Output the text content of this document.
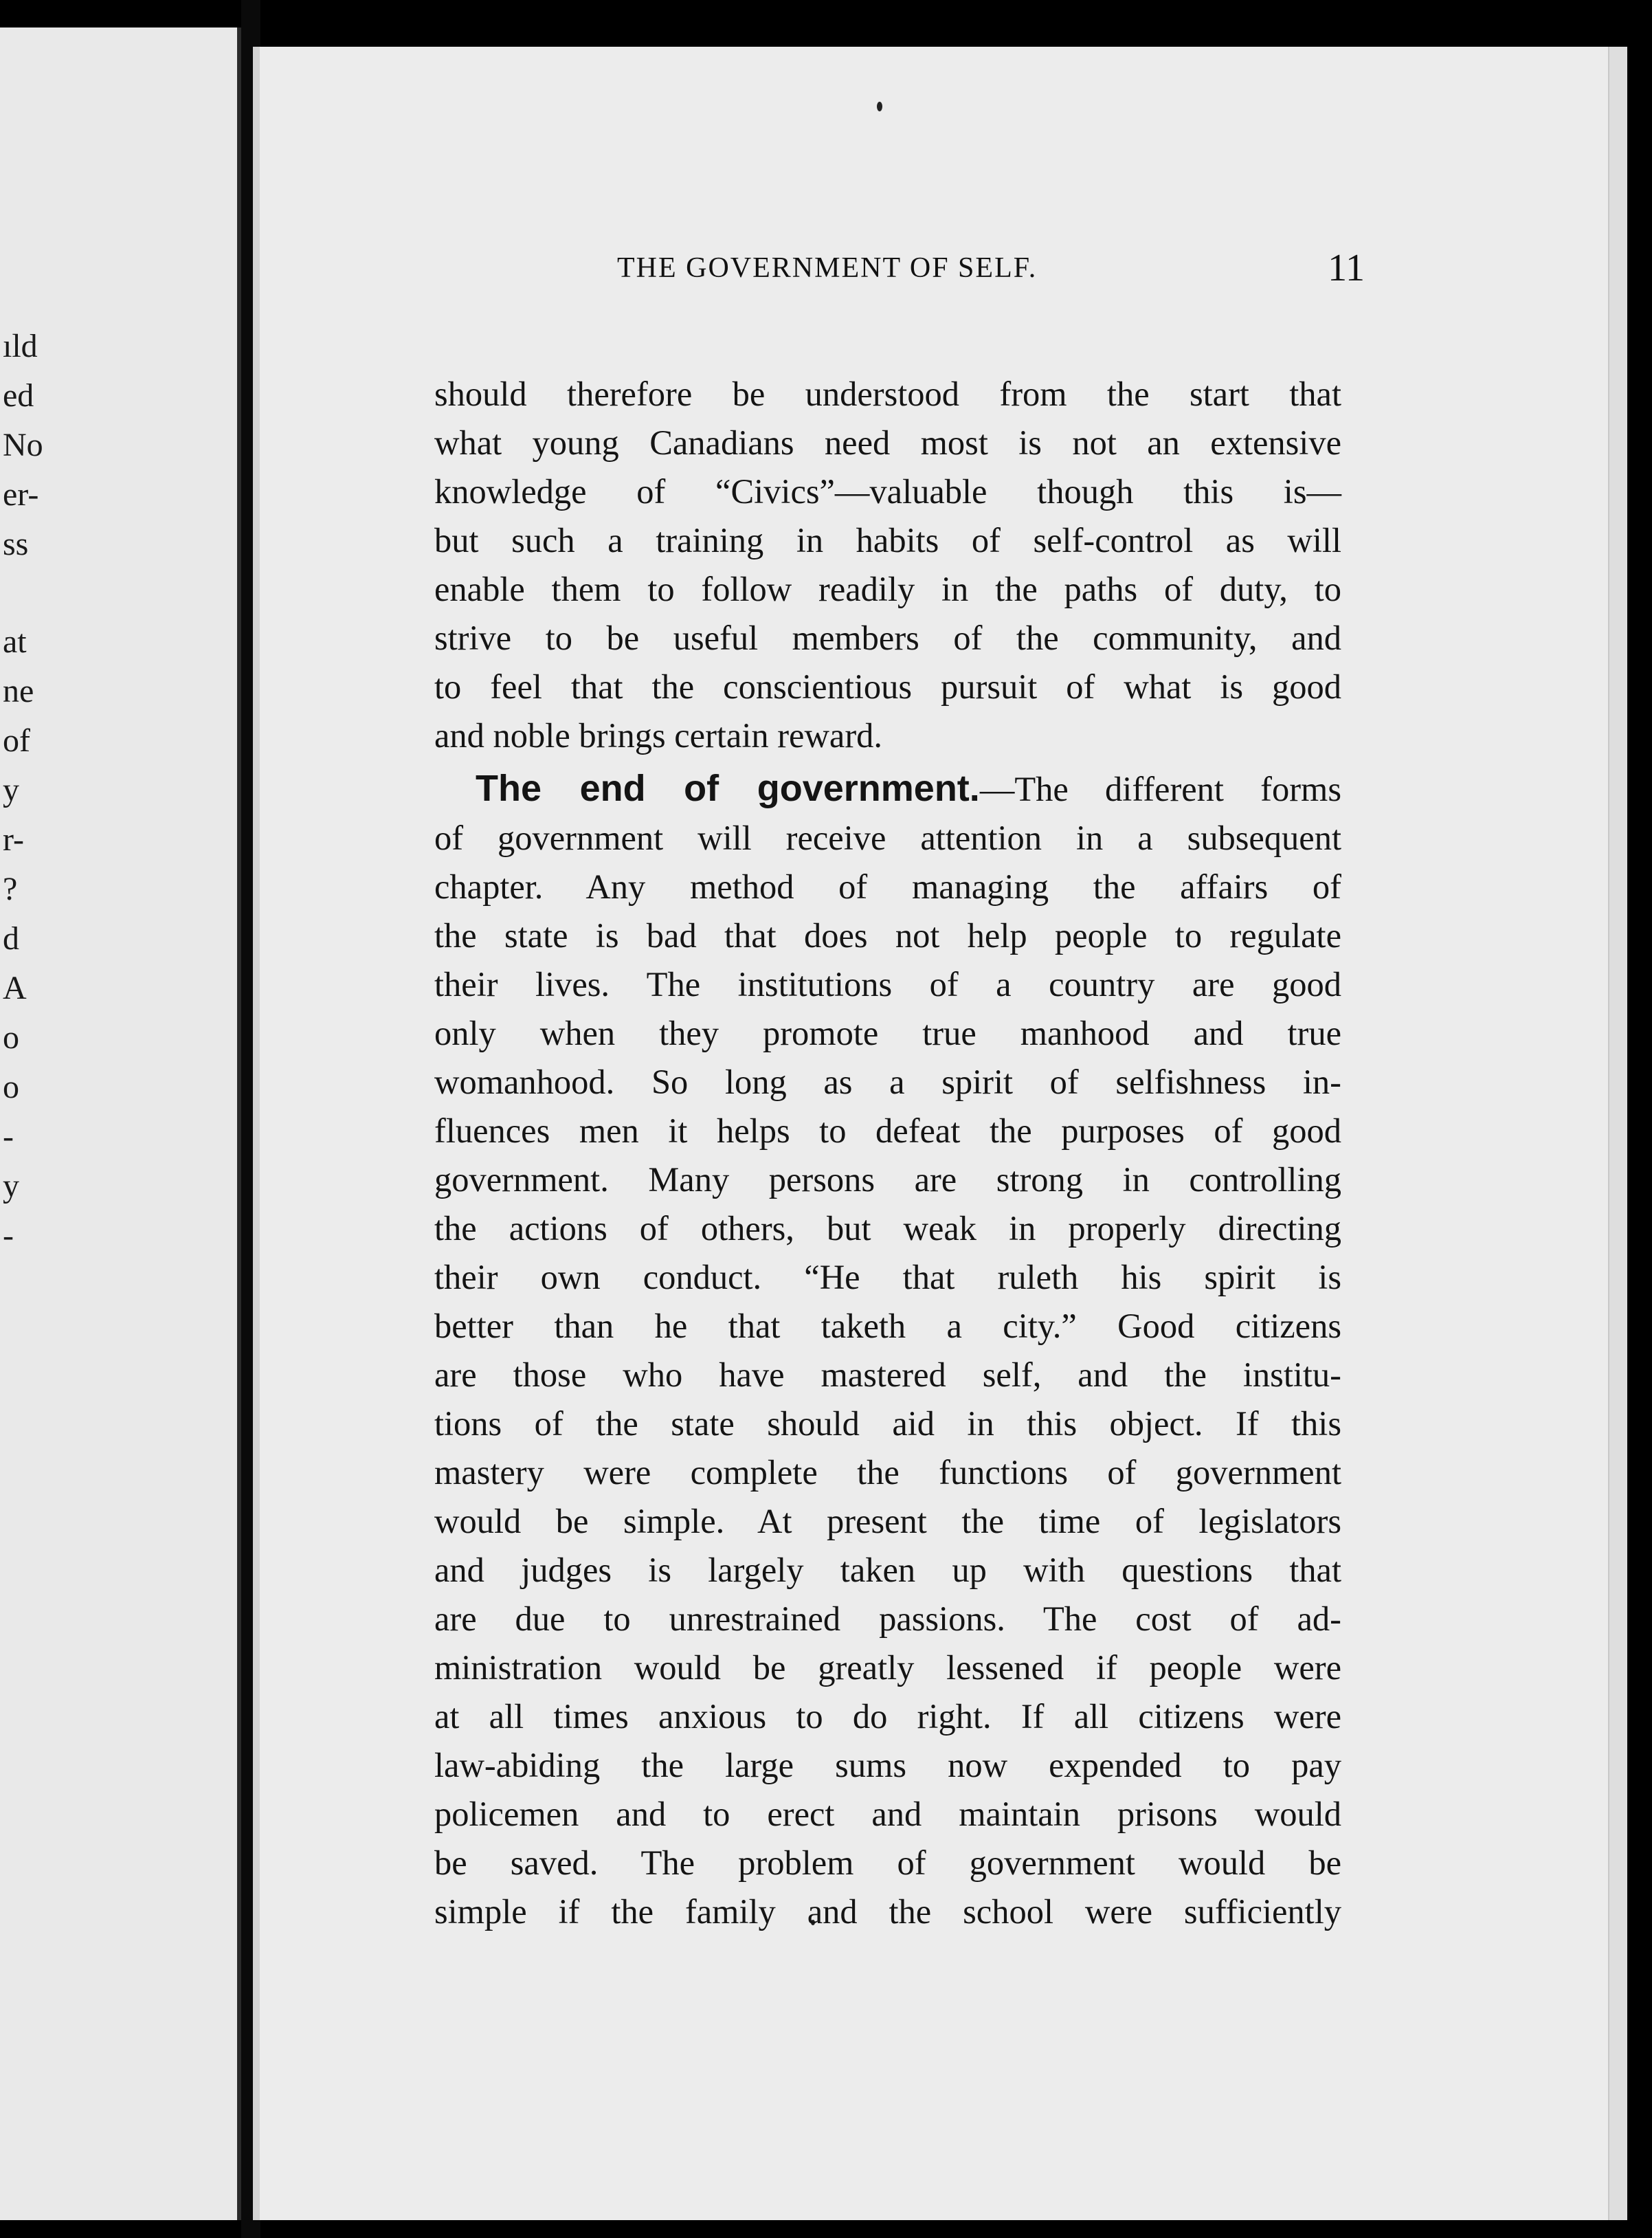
ıld
ed
No
er-
ss
at
ne
of
y
r-
?
d
A
o
o
-
y
-
THE GOVERNMENT OF SELF.	11
should therefore be understood from the start that
what young Canadians need most is not an extensive
knowledge of “Civics”—valuable though this is—
but such a training in habits of self-control as will
enable them to follow readily in the paths of duty, to
strive to be useful members of the community, and
to feel that the conscientious pursuit of what is good
and noble brings certain reward.
The end of government.—The different forms
of government will receive attention in a subsequent
chapter. Any method of managing the affairs of
the state is bad that does not help people to regulate
their lives. The institutions of a country are good
only when they promote true manhood and true
womanhood. So long as a spirit of selfishness in-
fluences men it helps to defeat the purposes of good
government. Many persons are strong in controlling
the actions of others, but weak in properly directing
their own conduct. “He that ruleth his spirit is
better than he that taketh a city.” Good citizens
are those who have mastered self, and the institu-
tions of the state should aid in this object. If this
mastery were complete the functions of government
would be simple. At present the time of legislators
and judges is largely taken up with questions that
are due to unrestrained passions. The cost of ad-
ministration would be greatly lessened if people were
at all times anxious to do right. If all citizens were
law-abiding the large sums now expended to pay
policemen and to erect and maintain prisons would
be saved. The problem of government would be
simple if the family and the school were sufficiently
